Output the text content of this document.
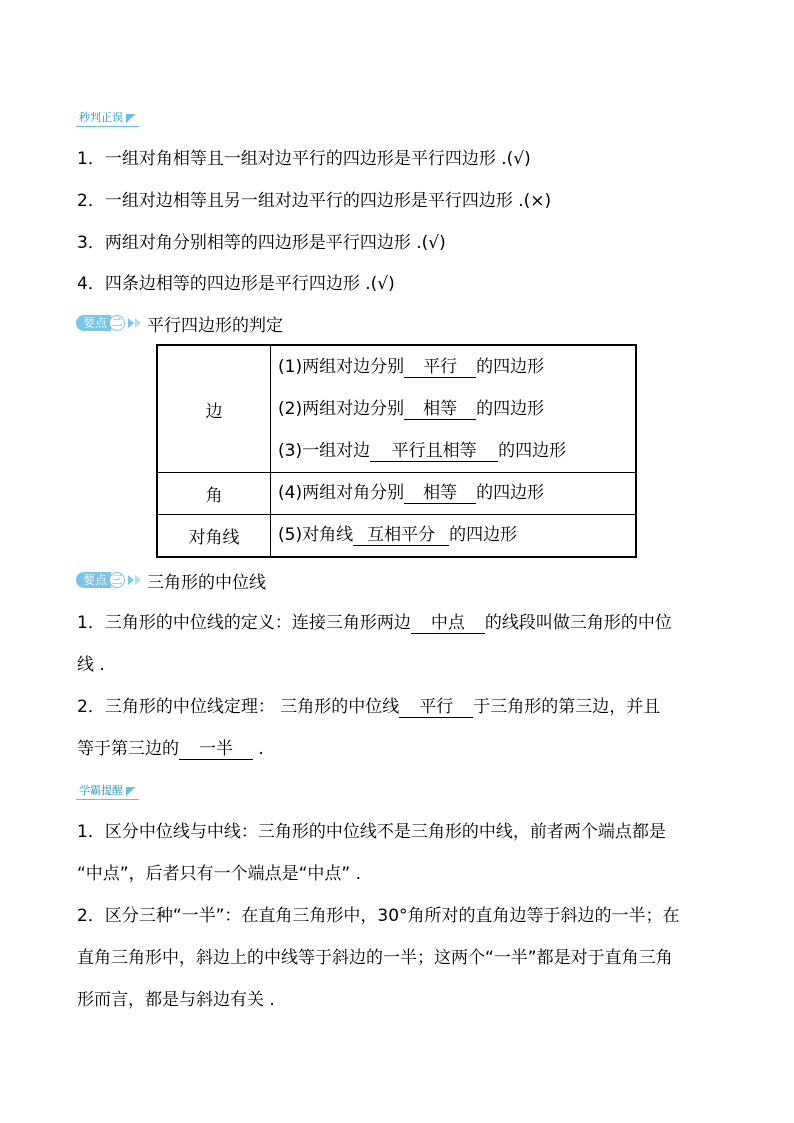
秒判正误
1．一组对角相等且一组对边平行的四边形是平行四边形 .(√)
2．一组对边相等且另一组对边平行的四边形是平行四边形 .(×)
3．两组对角分别相等的四边形是平行四边形 .(√)
4．四条边相等的四边形是平行四边形 .(√)
要点 二 平行四边形的判定
边	(1)两组对边分别 平行 的四边形
(2)两组对边分别 相等 的四边形
(3)一组对边 平行且相等 的四边形

角	(4)两组对角分别 相等 的四边形

对角线	(5)对角线 互相平分 的四边形
要点 三 三角形的中位线
1．三角形的中位线的定义：连接三角形两边 中点 的线段叫做三角形的中位
线 .
2．三角形的中位线定理： 三角形的中位线 平行 于三角形的第三边，并且
等于第三边的 一半 .
学霸提醒
1．区分中位线与中线：三角形的中位线不是三角形的中线，前者两个端点都是
“中点”，后者只有一个端点是“中点” .
2．区分三种“一半”：在直角三角形中，30°角所对的直角边等于斜边的一半；在
直角三角形中，斜边上的中线等于斜边的一半；这两个“一半”都是对于直角三角
形而言，都是与斜边有关 .
